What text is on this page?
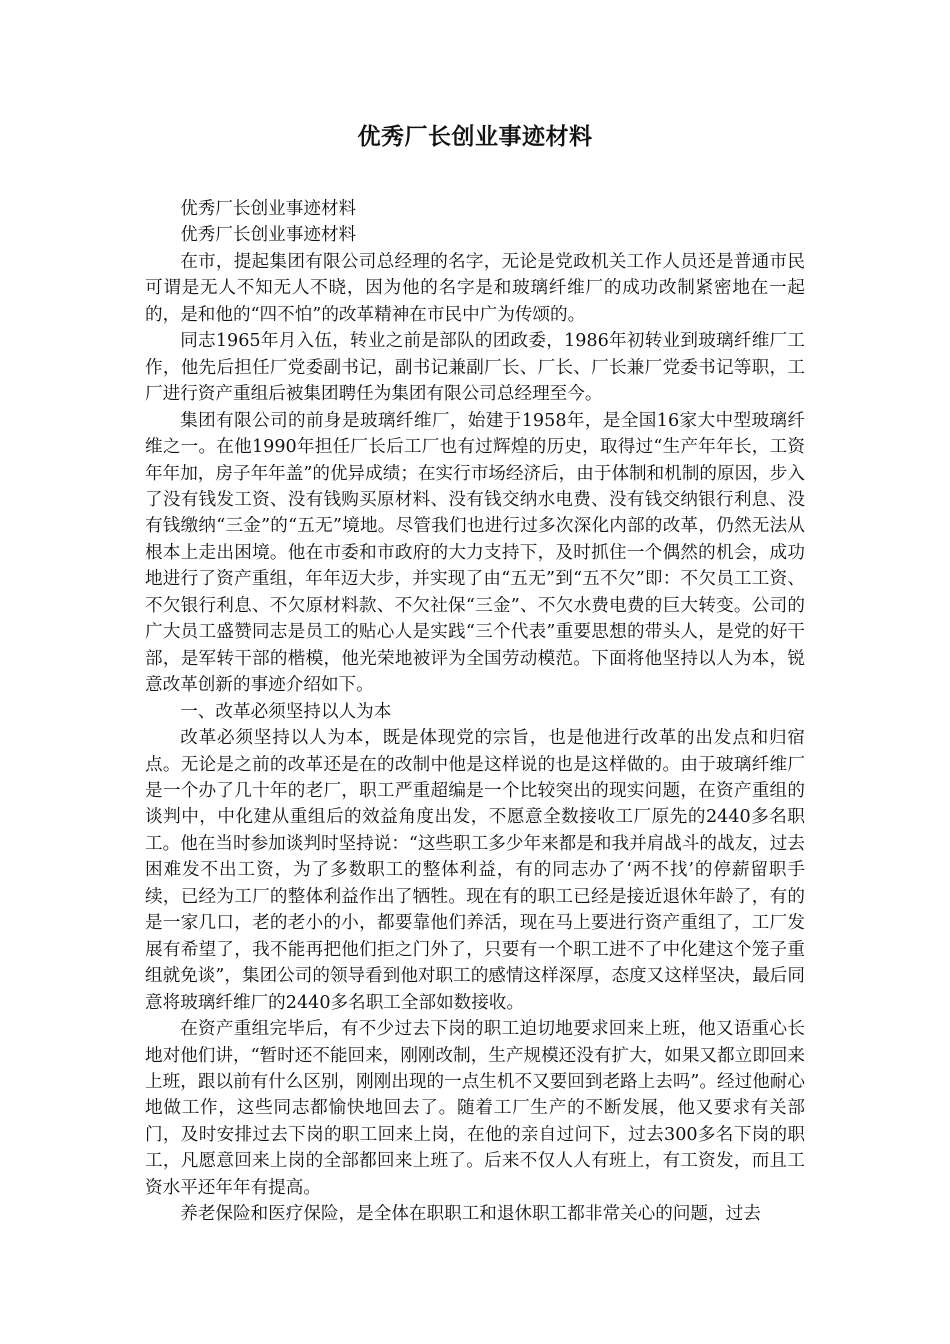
优秀厂长创业事迹材料

优秀厂长创业事迹材料

优秀厂长创业事迹材料

在市，提起集团有限公司总经理的名字，无论是党政机关工作人员还是普通市民可谓是无人不知无人不晓，因为他的名字是和玻璃纤维厂的成功改制紧密地在一起的，是和他的“四不怕”的改革精神在市民中广为传颂的。

同志1965年月入伍，转业之前是部队的团政委，1986年初转业到玻璃纤维厂工作，他先后担任厂党委副书记，副书记兼副厂长、厂长、厂长兼厂党委书记等职，工厂进行资产重组后被集团聘任为集团有限公司总经理至今。

集团有限公司的前身是玻璃纤维厂，始建于1958年，是全国16家大中型玻璃纤维之一。在他1990年担任厂长后工厂也有过辉煌的历史，取得过“生产年年长，工资年年加，房子年年盖”的优异成绩；在实行市场经济后，由于体制和机制的原因，步入了没有钱发工资、没有钱购买原材料、没有钱交纳水电费、没有钱交纳银行利息、没有钱缴纳“三金”的“五无”境地。尽管我们也进行过多次深化内部的改革，仍然无法从根本上走出困境。他在市委和市政府的大力支持下，及时抓住一个偶然的机会，成功地进行了资产重组，年年迈大步，并实现了由“五无”到“五不欠”即：不欠员工工资、不欠银行利息、不欠原材料款、不欠社保“三金”、不欠水费电费的巨大转变。公司的广大员工盛赞同志是员工的贴心人是实践“三个代表”重要思想的带头人，是党的好干部，是军转干部的楷模，他光荣地被评为全国劳动模范。下面将他坚持以人为本，锐意改革创新的事迹介绍如下。

一、改革必须坚持以人为本

改革必须坚持以人为本，既是体现党的宗旨，也是他进行改革的出发点和归宿点。无论是之前的改革还是在的改制中他是这样说的也是这样做的。由于玻璃纤维厂是一个办了几十年的老厂，职工严重超编是一个比较突出的现实问题，在资产重组的谈判中，中化建从重组后的效益角度出发，不愿意全数接收工厂原先的2440多名职工。他在当时参加谈判时坚持说：“这些职工多少年来都是和我并肩战斗的战友，过去困难发不出工资，为了多数职工的整体利益，有的同志办了‘两不找’的停薪留职手续，已经为工厂的整体利益作出了牺牲。现在有的职工已经是接近退休年龄了，有的是一家几口，老的老小的小，都要靠他们养活，现在马上要进行资产重组了，工厂发展有希望了，我不能再把他们拒之门外了，只要有一个职工进不了中化建这个笼子重组就免谈”，集团公司的领导看到他对职工的感情这样深厚，态度又这样坚决，最后同意将玻璃纤维厂的2440多名职工全部如数接收。

在资产重组完毕后，有不少过去下岗的职工迫切地要求回来上班，他又语重心长地对他们讲，“暂时还不能回来，刚刚改制，生产规模还没有扩大，如果又都立即回来上班，跟以前有什么区别，刚刚出现的一点生机不又要回到老路上去吗”。经过他耐心地做工作，这些同志都愉快地回去了。随着工厂生产的不断发展，他又要求有关部门，及时安排过去下岗的职工回来上岗，在他的亲自过问下，过去300多名下岗的职工，凡愿意回来上岗的全部都回来上班了。后来不仅人人有班上，有工资发，而且工资水平还年年有提高。

养老保险和医疗保险，是全体在职职工和退休职工都非常关心的问题，过去
